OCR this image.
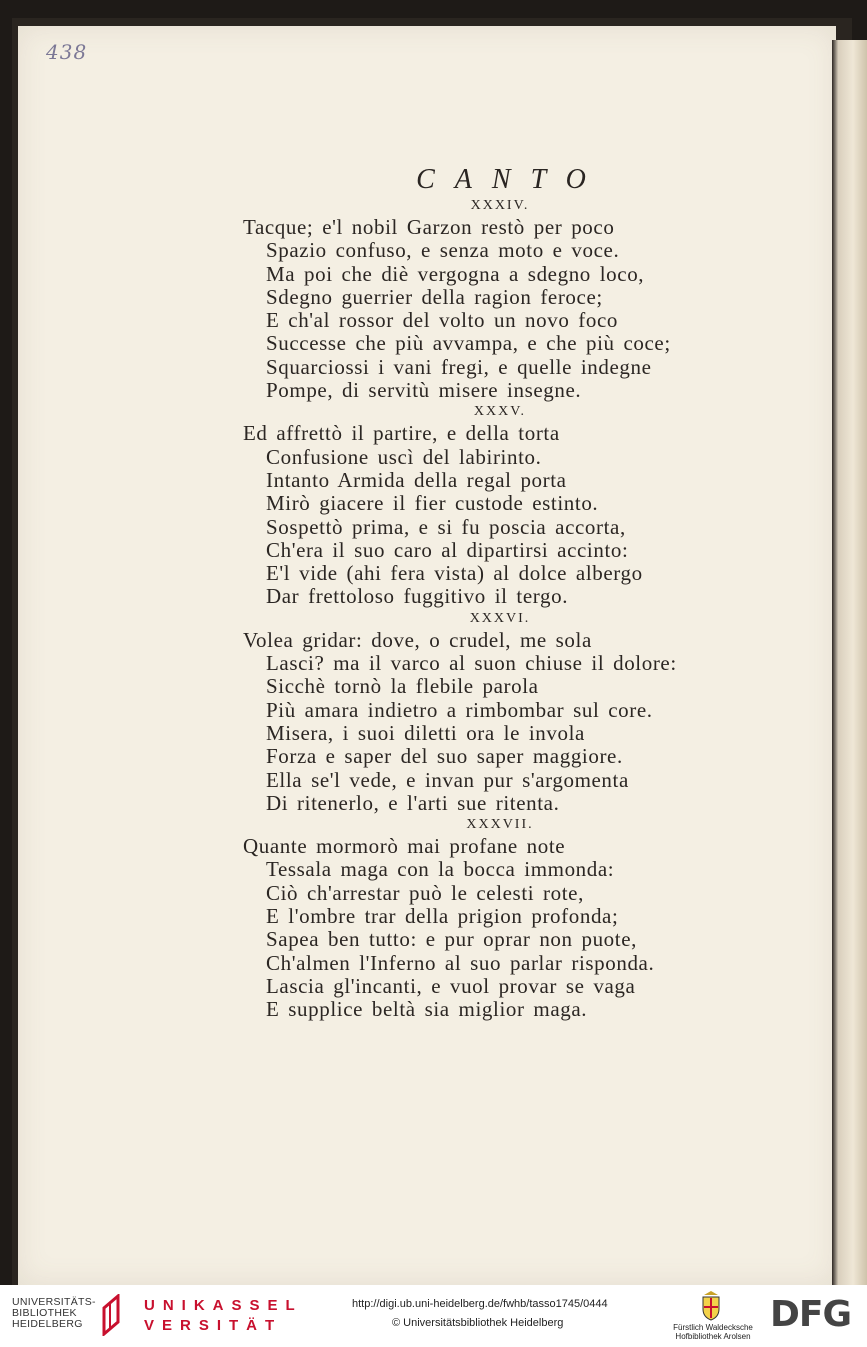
438
CANTO
XXXIV.
Tacque; e'l nobil Garzon restò per poco
Spazio confuso, e senza moto e voce.
Ma poi che diè vergogna a sdegno loco,
Sdegno guerrier della ragion feroce;
E ch'al rossor del volto un novo foco
Successe che più avvampa, e che più coce;
Squarciossi i vani fregi, e quelle indegne
Pompe, di servitù misere insegne.
XXXV.
Ed affrettò il partire, e della torta
Confusione uscì del labirinto.
Intanto Armida della regal porta
Mirò giacere il fier custode estinto.
Sospettò prima, e si fu poscia accorta,
Ch'era il suo caro al dipartirsi accinto:
E'l vide (ahi fera vista) al dolce albergo
Dar frettoloso fuggitivo il tergo.
XXXVI.
Volea gridar: dove, o crudel, me sola
Lasci? ma il varco al suon chiuse il dolore:
Sicchè tornò la flebile parola
Più amara indietro a rimbombar sul core.
Misera, i suoi diletti ora le invola
Forza e saper del suo saper maggiore.
Ella se'l vede, e invan pur s'argomenta
Di ritenerlo, e l'arti sue ritenta.
XXXVII.
Quante mormorò mai profane note
Tessala maga con la bocca immonda:
Ciò ch'arrestar può le celesti rote,
E l'ombre trar della prigion profonda;
Sapea ben tutto: e pur oprar non puote,
Ch'almen l'Inferno al suo parlar risponda.
Lascia gl'incanti, e vuol provar se vaga
E supplice beltà sia miglior maga.
UNIVERSITÄTS-
BIBLIOTHEK
HEIDELBERG
UNIKASSEL
VERSITÄT
http://digi.ub.uni-heidelberg.de/fwhb/tasso1745/0444
© Universitätsbibliothek Heidelberg	Fürstlich Waldecksche
Hofbibliothek Arolsen
DFG
